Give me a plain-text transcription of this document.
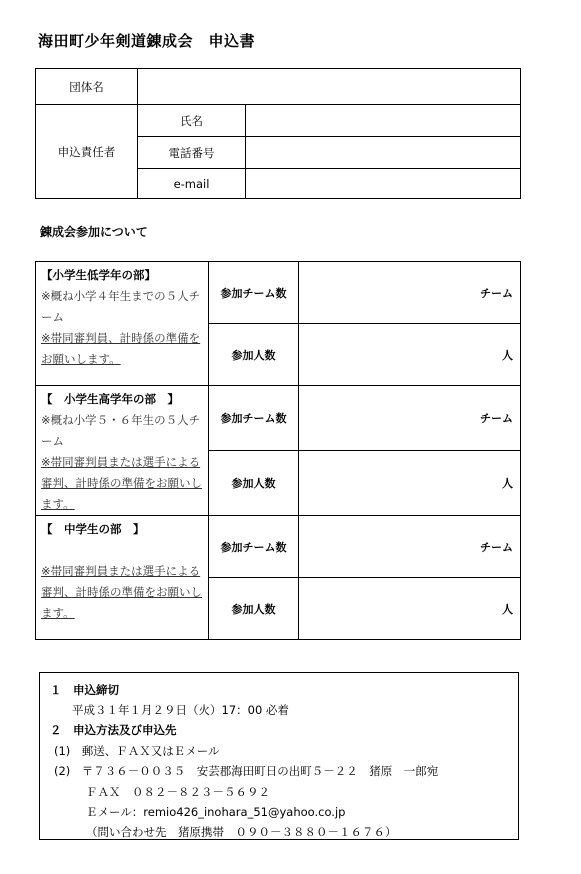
海田町少年剣道錬成会　申込書
団体名		
申込責任者	氏名	
	電話番号	
	e-mail	
錬成会参加について
【小学生低学年の部】
※概ね小学４年生までの５人チーム
※帯同審判員、計時係の準備をお願いします。	参加チーム数	チーム
	参加人数	人

【　小学生高学年の部　】
※概ね小学５・６年生の５人チーム
※帯同審判員または選手による審判、計時係の準備をお願いします。	参加チーム数	チーム
	参加人数	人

【　中学生の部　】
※帯同審判員または選手による審判、計時係の準備をお願いします。	参加チーム数	チーム
	参加人数	人
１　申込締切
平成３１年１月２９日（火）17：00 必着
２　申込方法及び申込先
(1)　郵送、ＦＡＸ又はＥメール
(2)　〒７３６－００３５　安芸郡海田町日の出町５－２２　猪原　一郎宛
ＦＡＸ　０８２－８２３－５６９２
Ｅメール：remio426_inohara_51@yahoo.co.jp
（問い合わせ先　猪原携帯　０９０－３８８０－１６７６）
